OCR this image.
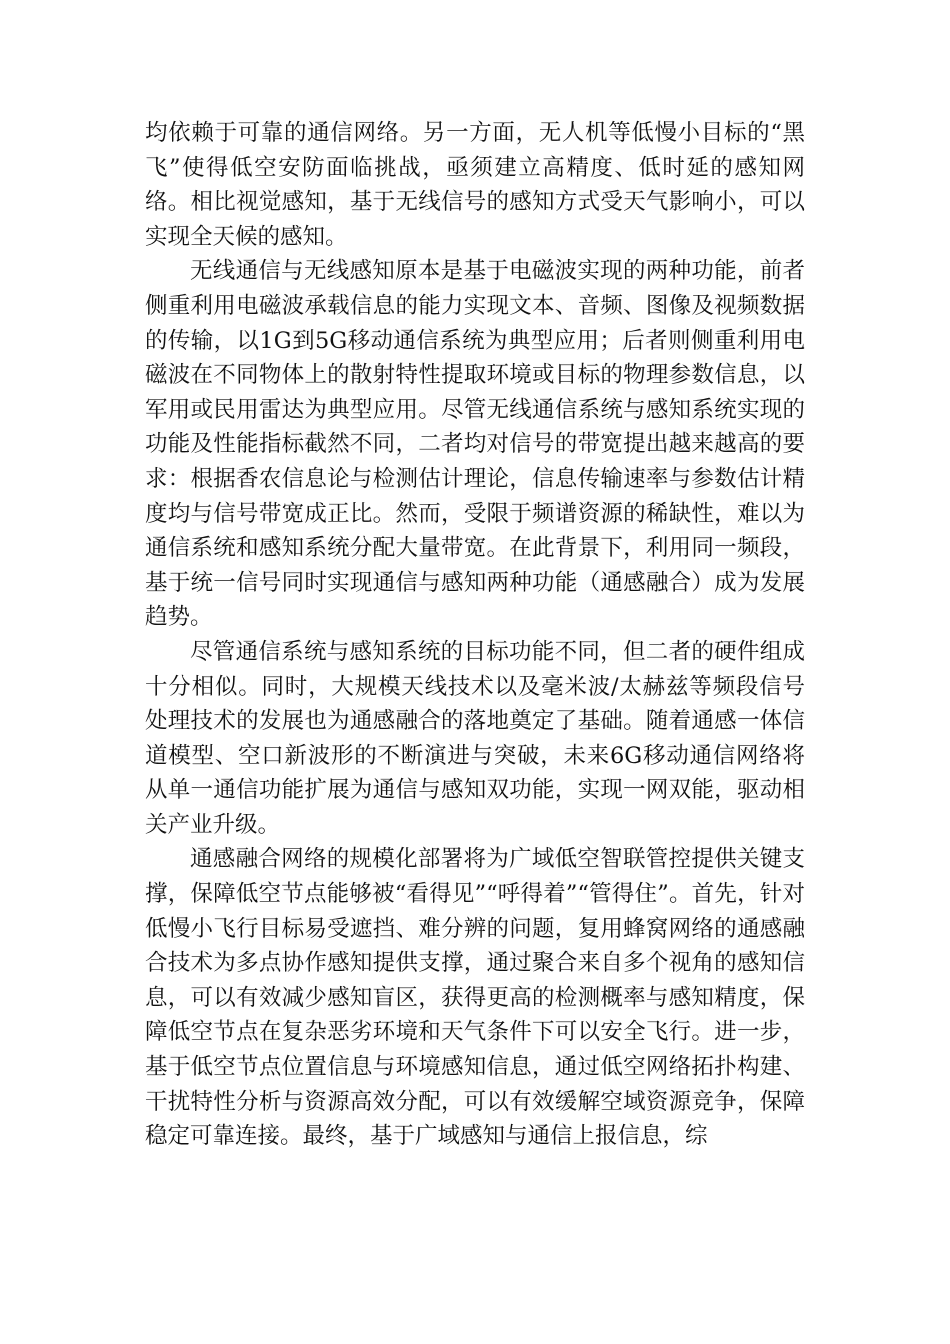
均依赖于可靠的通信网络。另一方面，无人机等低慢小目标的“黑飞”使得低空安防面临挑战，亟须建立高精度、低时延的感知网络。相比视觉感知，基于无线信号的感知方式受天气影响小，可以实现全天候的感知。

无线通信与无线感知原本是基于电磁波实现的两种功能，前者侧重利用电磁波承载信息的能力实现文本、音频、图像及视频数据的传输，以1G到5G移动通信系统为典型应用；后者则侧重利用电磁波在不同物体上的散射特性提取环境或目标的物理参数信息，以军用或民用雷达为典型应用。尽管无线通信系统与感知系统实现的功能及性能指标截然不同，二者均对信号的带宽提出越来越高的要求：根据香农信息论与检测估计理论，信息传输速率与参数估计精度均与信号带宽成正比。然而，受限于频谱资源的稀缺性，难以为通信系统和感知系统分配大量带宽。在此背景下，利用同一频段，基于统一信号同时实现通信与感知两种功能（通感融合）成为发展趋势。

尽管通信系统与感知系统的目标功能不同，但二者的硬件组成十分相似。同时，大规模天线技术以及毫米波/太赫兹等频段信号处理技术的发展也为通感融合的落地奠定了基础。随着通感一体信道模型、空口新波形的不断演进与突破，未来6G移动通信网络将从单一通信功能扩展为通信与感知双功能，实现一网双能，驱动相关产业升级。

通感融合网络的规模化部署将为广域低空智联管控提供关键支撑，保障低空节点能够被“看得见”“呼得着”“管得住”。首先，针对低慢小飞行目标易受遮挡、难分辨的问题，复用蜂窝网络的通感融合技术为多点协作感知提供支撑，通过聚合来自多个视角的感知信息，可以有效减少感知盲区，获得更高的检测概率与感知精度，保障低空节点在复杂恶劣环境和天气条件下可以安全飞行。进一步，基于低空节点位置信息与环境感知信息，通过低空网络拓扑构建、干扰特性分析与资源高效分配，可以有效缓解空域资源竞争，保障稳定可靠连接。最终，基于广域感知与通信上报信息，综
